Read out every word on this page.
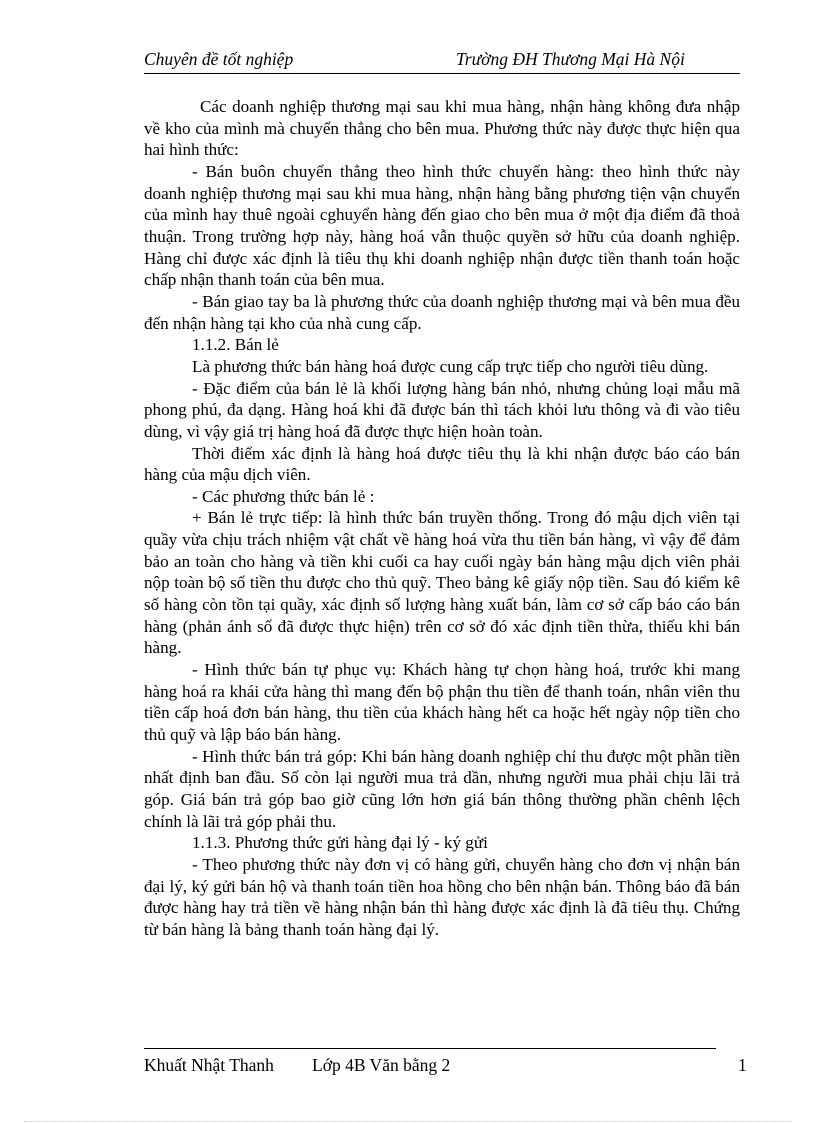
Chuyên đề tốt nghiệp	Trường ĐH Thương Mại Hà Nội

Các doanh nghiệp thương mại sau khi mua hàng, nhận hàng không đưa nhập về kho của mình mà chuyển thẳng cho bên mua. Phương thức này được thực hiện qua hai hình thức:

- Bán buôn chuyển thẳng theo hình thức chuyển hàng: theo hình thức này doanh nghiệp thương mại sau khi mua hàng, nhận hàng bằng phương tiện vận chuyển của mình hay thuê ngoài cghuyển hàng đến giao cho bên mua ở một địa điểm đã thoả thuận. Trong trường hợp này, hàng hoá vẫn thuộc quyền sở hữu của doanh nghiệp. Hàng chỉ được xác định là tiêu thụ khi doanh nghiệp nhận được tiền thanh toán hoặc chấp nhận thanh toán của bên mua.

- Bán giao tay ba là phương thức của doanh nghiệp thương mại và bên mua đều đến nhận hàng tại kho của nhà cung cấp.

1.1.2. Bán lẻ

Là phương thức bán hàng hoá được cung cấp trực tiếp cho người tiêu dùng.

- Đặc điểm của bán lẻ là khối lượng hàng bán nhỏ, nhưng chủng loại mẫu mã phong phú, đa dạng. Hàng hoá khi đã được bán thì tách khỏi lưu thông và đi vào tiêu dùng, vì vậy giá trị hàng hoá đã được thực hiện hoàn toàn.

Thời điểm xác định là hàng hoá được tiêu thụ là khi nhận được báo cáo bán hàng của mậu dịch viên.

- Các phương thức bán lẻ :

+ Bán lẻ trực tiếp: là hình thức bán truyền thống. Trong đó mậu dịch viên tại quầy vừa chịu trách nhiệm vật chất về hàng hoá vừa thu tiền bán hàng, vì vậy để đảm bảo an toàn cho hàng và tiền khi cuối ca hay cuối ngày bán hàng mậu dịch viên phải nộp toàn bộ số tiền thu được cho thủ quỹ. Theo bảng kê giấy nộp tiền. Sau đó kiểm kê số hàng còn tồn tại quầy, xác định số lượng hàng xuất bán, làm cơ sở cấp báo cáo bán hàng (phản ánh số đã được thực hiện) trên cơ sở đó xác định tiền thừa, thiếu khi bán hàng.

- Hình thức bán tự phục vụ: Khách hàng tự chọn hàng hoá, trước khi mang hàng hoá ra khái cửa hàng thì mang đến bộ phận thu tiền để thanh toán, nhân viên thu tiền cấp hoá đơn bán hàng, thu tiền của khách hàng hết ca hoặc hết ngày nộp tiền cho thủ quỹ và lập báo bán hàng.

- Hình thức bán trả góp: Khi bán hàng doanh nghiệp chỉ thu được một phần tiền nhất định ban đầu. Số còn lại người mua trả dần, nhưng người mua phải chịu lãi trả góp. Giá bán trả góp bao giờ cũng lớn hơn giá bán thông thường phần chênh lệch chính là lãi trả góp phải thu.

1.1.3. Phương thức gửi hàng đại lý - ký gửi

- Theo phương thức này đơn vị có hàng gửi, chuyển hàng cho đơn vị nhận bán đại lý, ký gửi bán hộ và thanh toán tiền hoa hồng cho bên nhận bán. Thông báo đã bán được hàng hay trả tiền về hàng nhận bán thì hàng được xác định là đã tiêu thụ. Chứng từ bán hàng là bảng thanh toán hàng đại lý.

Khuất Nhật Thanh Lớp 4B Văn bằng 2	1
